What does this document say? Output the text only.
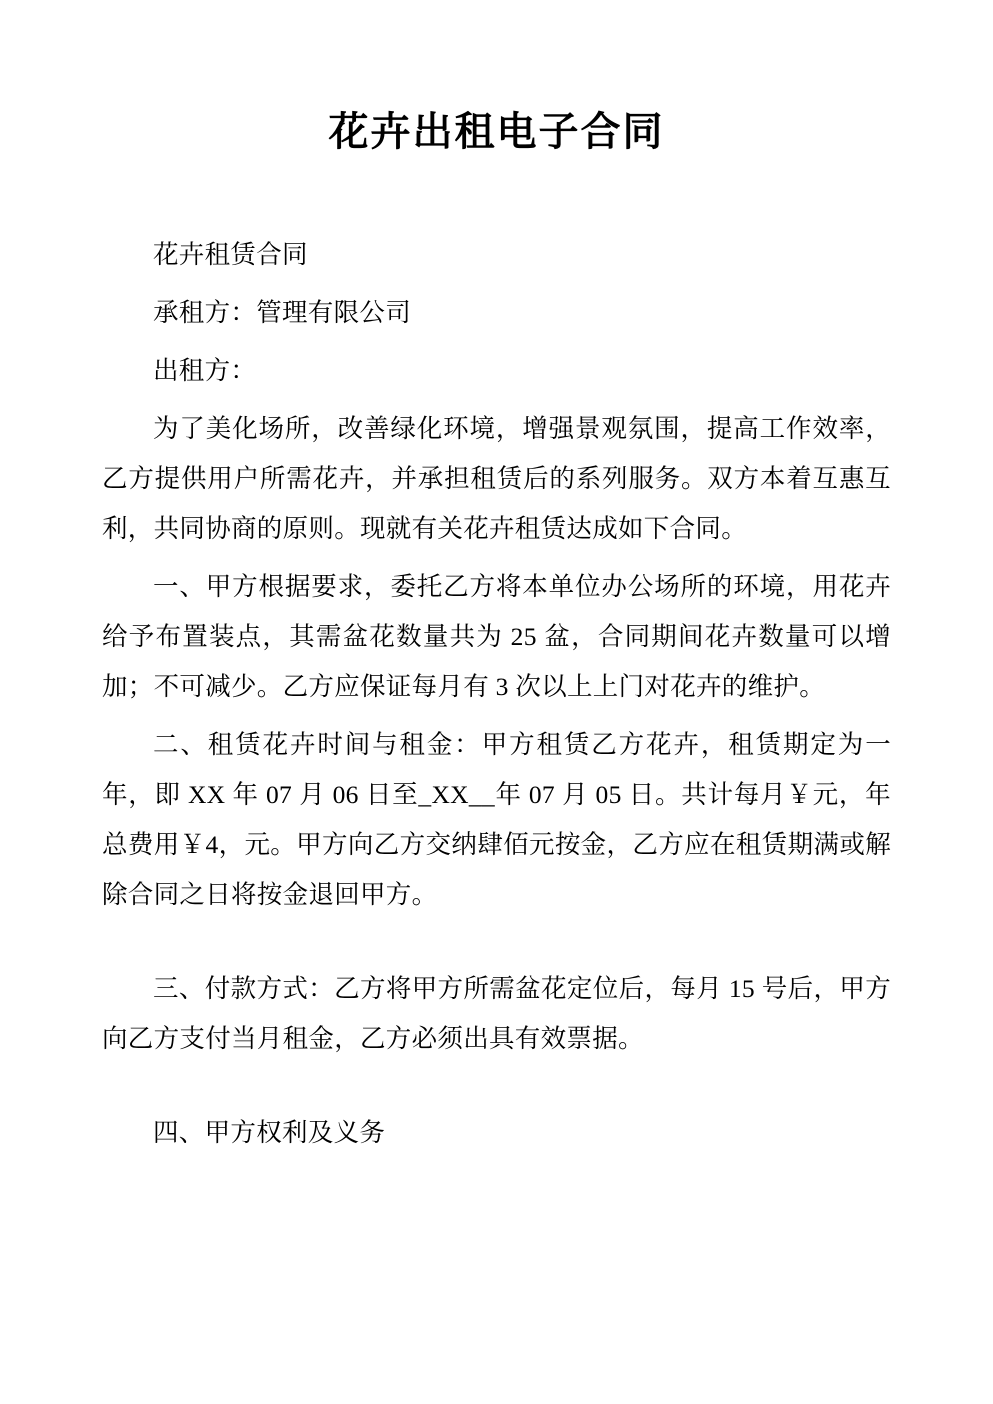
花卉出租电子合同

花卉租赁合同

承租方：管理有限公司

出租方：

为了美化场所，改善绿化环境，增强景观氛围，提高工作效率，乙方提供用户所需花卉，并承担租赁后的系列服务。双方本着互惠互利，共同协商的原则。现就有关花卉租赁达成如下合同。

一、甲方根据要求，委托乙方将本单位办公场所的环境，用花卉给予布置装点，其需盆花数量共为 25 盆，合同期间花卉数量可以增加；不可减少。乙方应保证每月有 3 次以上上门对花卉的维护。

二、租赁花卉时间与租金：甲方租赁乙方花卉，租赁期定为一年，即 XX 年 07 月 06 日至_XX__年 07 月 05 日。共计每月￥元，年总费用￥4，元。甲方向乙方交纳肆佰元按金，乙方应在租赁期满或解除合同之日将按金退回甲方。

三、付款方式：乙方将甲方所需盆花定位后，每月 15 号后，甲方向乙方支付当月租金，乙方必须出具有效票据。

四、甲方权利及义务
